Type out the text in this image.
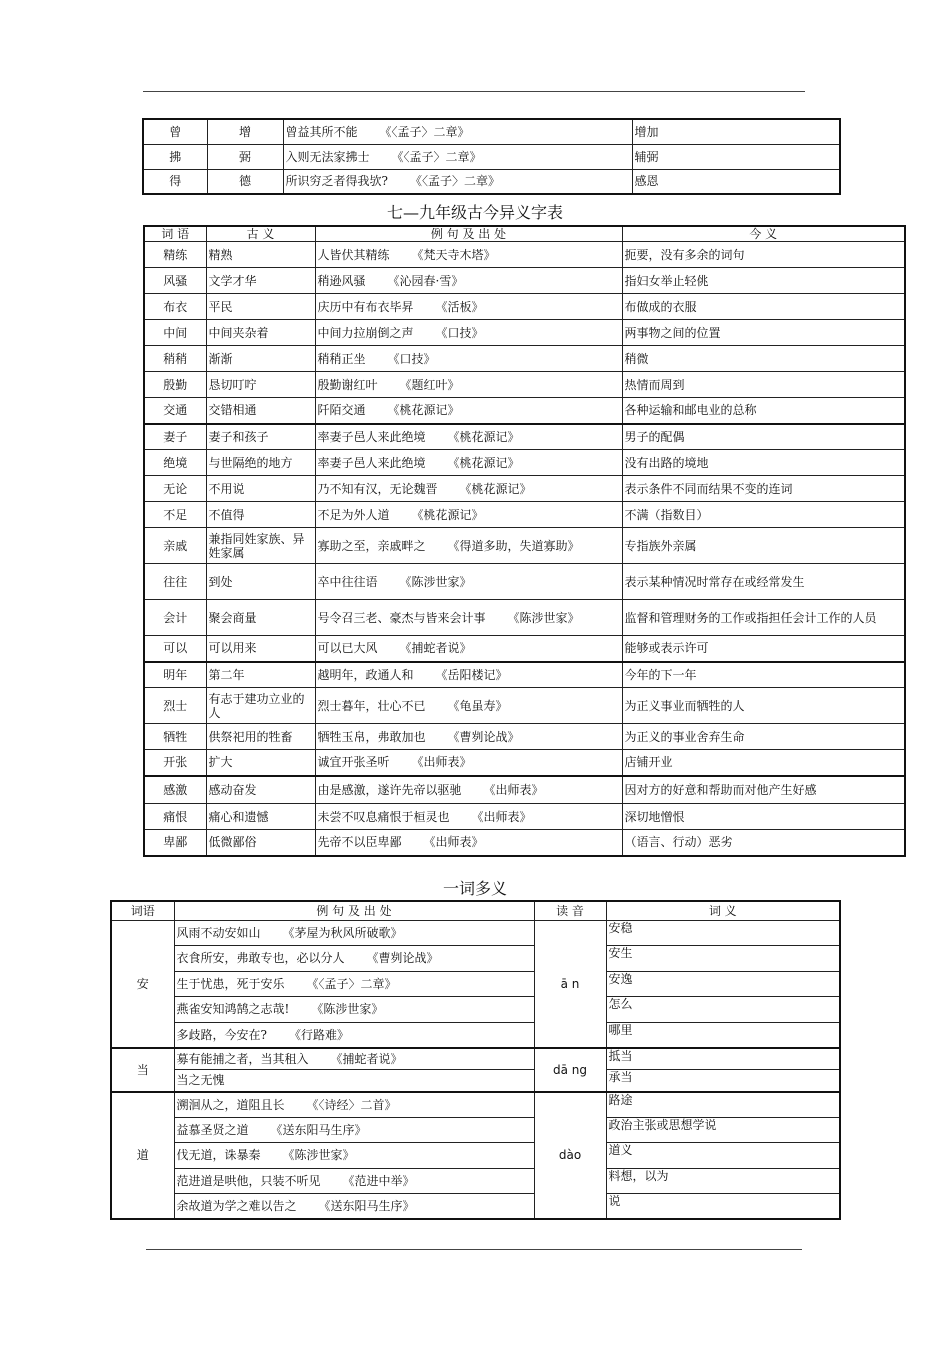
曾	增	曾益其所不能 《〈孟子〉二章》	增加
拂	弼	入则无法家拂士 《〈孟子〉二章》	辅弼
得	德	所识穷乏者得我欤? 《〈孟子〉二章》	感恩
七—九年级古今异义字表
词 语	古 义	例 句 及 出 处	今 义
精练	精熟	人皆伏其精练 《梵天寺木塔》	扼要，没有多余的词句
风骚	文学才华	稍逊风骚 《沁园春·雪》	指妇女举止轻佻
布衣	平民	庆历中有布衣毕昇 《活板》	布做成的衣服
中间	中间夹杂着	中间力拉崩倒之声 《口技》	两事物之间的位置
稍稍	渐渐	稍稍正坐 《口技》	稍微
殷勤	恳切叮咛	殷勤谢红叶 《题红叶》	热情而周到
交通	交错相通	阡陌交通 《桃花源记》	各种运输和邮电业的总称
妻子	妻子和孩子	率妻子邑人来此绝境 《桃花源记》	男子的配偶
绝境	与世隔绝的地方	率妻子邑人来此绝境 《桃花源记》	没有出路的境地
无论	不用说	乃不知有汉，无论魏晋 《桃花源记》	表示条件不同而结果不变的连词
不足	不值得	不足为外人道 《桃花源记》	不满（指数目）
亲戚	兼指同姓家族、异姓家属	寡助之至，亲戚畔之 《得道多助，失道寡助》	专指族外亲属
往往	到处	卒中往往语 《陈涉世家》	表示某种情况时常存在或经常发生
会计	聚会商量	号令召三老、豪杰与皆来会计事 《陈涉世家》	监督和管理财务的工作或指担任会计工作的人员
可以	可以用来	可以已大风 《捕蛇者说》	能够或表示许可
明年	第二年	越明年，政通人和 《岳阳楼记》	今年的下一年
烈士	有志于建功立业的人	烈士暮年，壮心不已 《龟虽寿》	为正义事业而牺牲的人
牺牲	供祭祀用的牲畜	牺牲玉帛，弗敢加也 《曹刿论战》	为正义的事业舍弃生命
开张	扩大	诚宜开张圣听 《出师表》	店铺开业
感激	感动奋发	由是感激，遂许先帝以驱驰 《出师表》	因对方的好意和帮助而对他产生好感
痛恨	痛心和遗憾	未尝不叹息痛恨于桓灵也 《出师表》	深切地憎恨
卑鄙	低微鄙俗	先帝不以臣卑鄙 《出师表》	（语言、行动）恶劣
一词多义
词语	例 句 及 出 处	读 音	词 义
安	风雨不动安如山 《茅屋为秋风所破歌》	ā n	安稳
	衣食所安，弗敢专也，必以分人 《曹刿论战》		安生
	生于忧患，死于安乐 《〈孟子〉二章》		安逸
	燕雀安知鸿鹄之志哉! 《陈涉世家》		怎么
	多歧路，今安在? 《行路难》		哪里
当	募有能捕之者，当其租入 《捕蛇者说》	dā ng	抵当
	当之无愧		承当
道	溯洄从之，道阻且长 《〈诗经〉二首》	dào	路途
	益慕圣贤之道 《送东阳马生序》		政治主张或思想学说
	伐无道，诛暴秦 《陈涉世家》		道义
	范进道是哄他，只装不听见 《范进中举》		料想，以为
	余故道为学之难以告之 《送东阳马生序》		说
